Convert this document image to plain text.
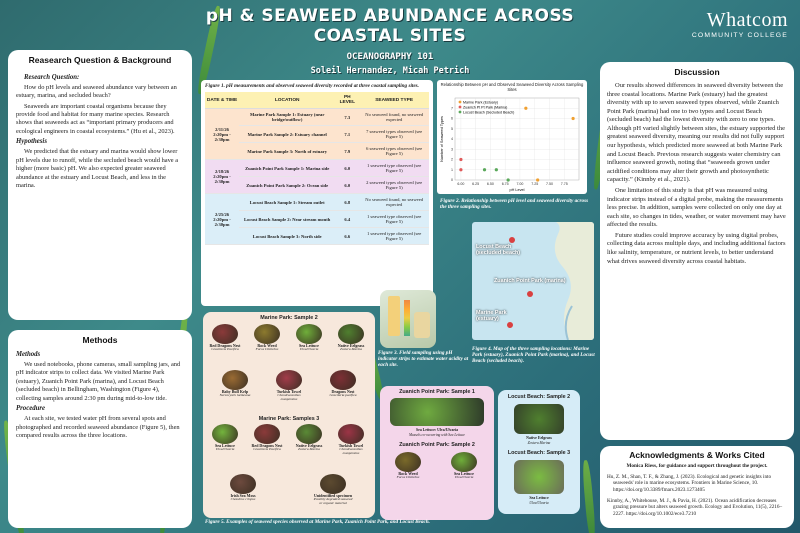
pH & SEAWEED ABUNDANCE ACROSS COASTAL SITES
OCEANOGRAPHY 101
Soleil Hernandez, Micah Petrich
Whatcom
COMMUNITY COLLEGE
Reasearch Question & Background
Research Question:

How do pH levels and seaweed abundance vary between an estuary, marina, and secluded beach?

Seaweeds are important coastal organisms because they provide food and habitat for many marine species. Research shows that seaweeds act as “important primary producers and ecological engineers in coastal ecosystems.” (Hu et al., 2023).

Hypothesis

We predicted that the estuary and marina would show lower pH levels due to runoff, while the secluded beach would have a higher (more basic) pH. We also expected greater seaweed abundance at the estuary and Locust Beach, and less in the marina.

Methods
Methods

We used notebooks, phone cameras, small sampling jars, and pH indicator strips to collect data. We visited Marine Park (estuary), Zuanich Point Park (marina), and Locust Beach (secluded beach) in Bellingham, Washington (Figure 4), collecting samples around 2:30 pm during mid-to-low tide.

Procedure

At each site, we tested water pH from several spots and photographed and recorded seaweed abundance (Figure 5), then compared results across the three locations.

Figure 1. pH measurements and observed seaweed diversity recorded at three coastal sampling sites.
DATE & TIME	LOCATION	PH LEVEL	SEAWEED TYPE
2/11/26
2:20pm - 2:30pm	Marine Park Sample 1: Estuary (near bridge/outflow)	7.3	No seaweed found, no seaweed expected
	Marine Park Sample 2: Estuary channel	7.1	7 seaweed types observed (see Figure 5)
	Marine Park Sample 3: North of estuary	7.9	6 seaweed types observed (see Figure 5)
2/18/26
2:20pm - 2:30pm	Zuanich Point Park Sample 1: Marina side	6.0	1 seaweed type observed (see Figure 5)
	Zuanich Point Park Sample 2: Ocean side	6.0	2 seaweed types observed (see Figure 5)
2/25/26
2:20pm - 2:30pm	Locust Beach Sample 1: Stream outlet	6.8	No seaweed found, no seaweed expected
	Locust Beach Sample 2: Near stream mouth	6.4	1 seaweed type observed (see Figure 5)
	Locust Beach Sample 3: North side	6.6	1 seaweed type observed (see Figure 5)
Relationship Between pH and Observed Seaweed Diversity Across Sampling Sites
6.00 6.25 6.50 6.75 7.00 7.25 7.50 7.75
0
1
2
3
4
5
6
7
pH Level
Number of Seaweed Types
Marine Park (Estuary)
Zuanich Pt Pt Park (Marina)
Locust Beach (Secluded Beach)
Figure 2. Relationship between pH level and seaweed diversity across the three sampling sites.
Locust Beach (secluded beach)
Zuanich Point Park (marina)
Marine Park (estuary)
Figure 4. Map of the three sampling locations: Marine Park (estuary), Zuanich Point Park (marina), and Locust Beach (secluded beach).
Figure 3. Field sampling using pH indicator strips to estimate water acidity at each site.
Marine Park: Sample 2
Red Dragons Nest
Gracilaria Pacifica
Rock Weed
Fucus Distichus
Sea Lettuce
Ulva/Ulvaria
Native Eelgrass
Zostera Marina
Baby Bull Kelp
Nereocystis luetkeana
Turkish Towel
Chondracanthus exasperatus
Dragons Nest
Gracilaria pacifica
Marine Park: Samples 3
Sea Lettuce
Ulva/Ulvaria
Red Dragons Nest
Gracilaria Pacifica
Native Eelgrass
Zostera Marina
Turkish Towel
Chondracanthus exasperatus
Irish Sea Moss
Chondrus crispus
Unidentified specimen
Possibly degraded seaweed or organic material
Zuanich Point Park: Sample 1
Sea Lettuce: Ulva/Ulvaria
Mussels co-occurring with Sea Lettuce
Zuanich Point Park: Sample 2
Rock Weed
Fucus Distichus
Sea Lettuce
Ulva/Ulvaria
Locust Beach: Sample 2
Native Eelgrass
Zostera Marina
Locust Beach: Sample 3
Sea Lettuce
Ulva/Ulvaria
Figure 5. Examples of seaweed species observed at Marine Park, Zuanich Point Park, and Locust Beach.
Discussion

Our results showed differences in seaweed diversity between the three coastal locations. Marine Park (estuary) had the greatest diversity with up to seven seaweed types observed, while Zuanich Point Park (marina) had one to two types and Locust Beach (secluded beach) had the lowest diversity with zero to one types. Although pH varied slightly between sites, the estuary supported the greatest seaweed diversity, meaning our results did not fully support our hypothesis, which predicted more seaweed at both Marine Park and Locust Beach. Previous research suggests water chemistry can influence seaweed growth, noting that “seaweeds grown under acidified conditions may alter their growth and photosynthetic capacity.” (Kinnby et al., 2021).

One limitation of this study is that pH was measured using indicator strips instead of a digital probe, making the measurements less precise. In addition, samples were collected on only one day at each site, so changes in tides, weather, or water movement may have affected the results.

Future studies could improve accuracy by using digital probes, collecting data across multiple days, and including additional factors like salinity, temperature, or nutrient levels, to better understand what drives seaweed diversity across coastal habitats.

Acknowledgments & Works Cited

Monica Riess, for guidance and support throughout the project.

Hu, Z. M., Shan, T. F., & Zhang, J. (2023). Ecological and genetic insights into seaweeds' role in marine ecosystems. Frontiers in Marine Science, 10. https://doi.org/10.3389/fmars.2023.1273405

Kinnby, A., Whitehouse, M. J., & Pavia, H. (2021). Ocean acidification decreases grazing pressure but alters seaweed growth. Ecology and Evolution, 11(5), 2216–2227. https://doi.org/10.1002/ece3.7210
